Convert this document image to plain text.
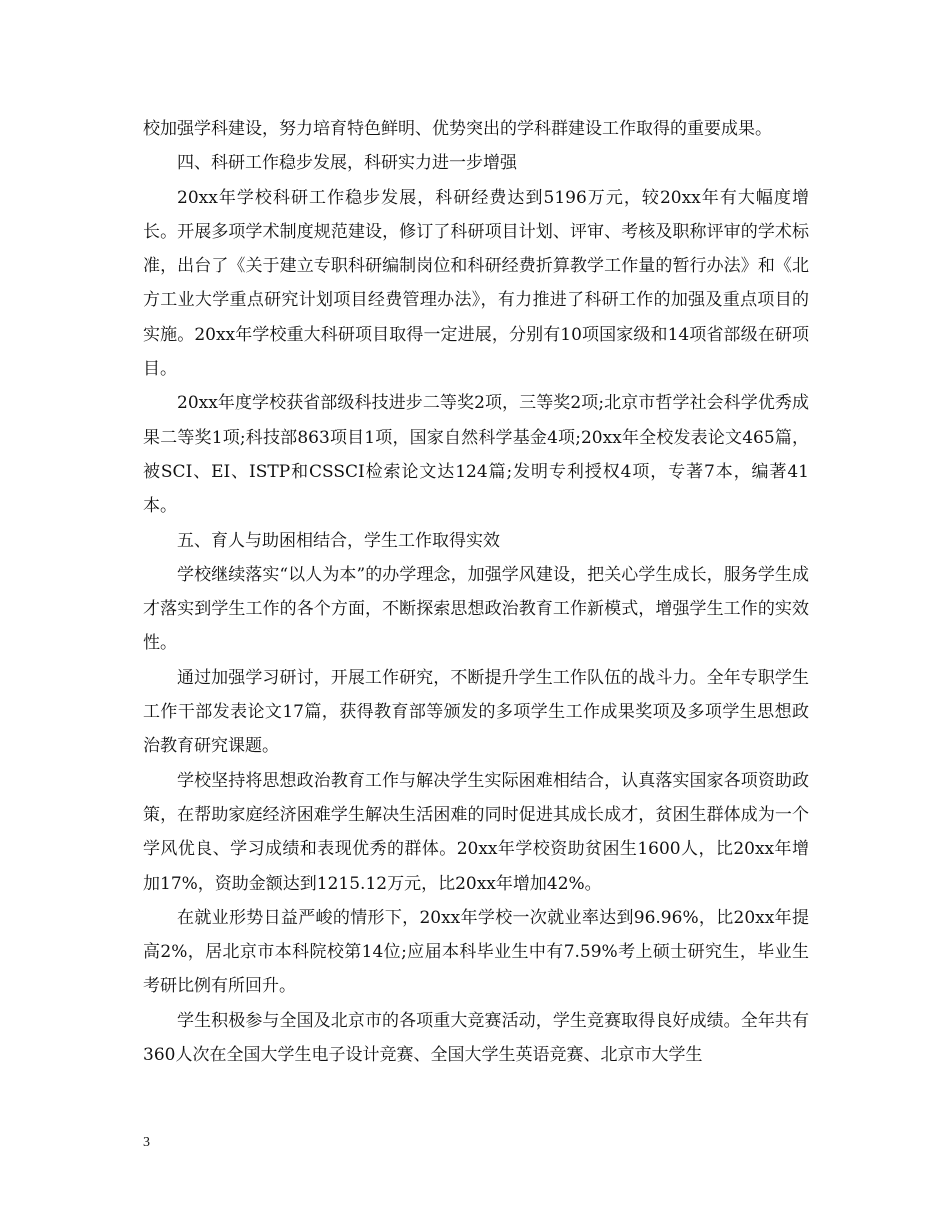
校加强学科建设，努力培育特色鲜明、优势突出的学科群建设工作取得的重要成果。

四、科研工作稳步发展，科研实力进一步增强

20xx年学校科研工作稳步发展，科研经费达到5196万元，较20xx年有大幅度增长。开展多项学术制度规范建设，修订了科研项目计划、评审、考核及职称评审的学术标准，出台了《关于建立专职科研编制岗位和科研经费折算教学工作量的暂行办法》和《北方工业大学重点研究计划项目经费管理办法》，有力推进了科研工作的加强及重点项目的实施。20xx年学校重大科研项目取得一定进展，分别有10项国家级和14项省部级在研项目。

20xx年度学校获省部级科技进步二等奖2项，三等奖2项;北京市哲学社会科学优秀成果二等奖1项;科技部863项目1项，国家自然科学基金4项;20xx年全校发表论文465篇，被SCI、EI、ISTP和CSSCI检索论文达124篇;发明专利授权4项，专著7本，编著41本。

五、育人与助困相结合，学生工作取得实效

学校继续落实“以人为本”的办学理念，加强学风建设，把关心学生成长，服务学生成才落实到学生工作的各个方面，不断探索思想政治教育工作新模式，增强学生工作的实效性。

通过加强学习研讨，开展工作研究，不断提升学生工作队伍的战斗力。全年专职学生工作干部发表论文17篇，获得教育部等颁发的多项学生工作成果奖项及多项学生思想政治教育研究课题。

学校坚持将思想政治教育工作与解决学生实际困难相结合，认真落实国家各项资助政策，在帮助家庭经济困难学生解决生活困难的同时促进其成长成才，贫困生群体成为一个学风优良、学习成绩和表现优秀的群体。20xx年学校资助贫困生1600人，比20xx年增加17%，资助金额达到1215.12万元，比20xx年增加42%。

在就业形势日益严峻的情形下，20xx年学校一次就业率达到96.96%，比20xx年提高2%，居北京市本科院校第14位;应届本科毕业生中有7.59%考上硕士研究生，毕业生考研比例有所回升。

学生积极参与全国及北京市的各项重大竞赛活动，学生竞赛取得良好成绩。全年共有360人次在全国大学生电子设计竞赛、全国大学生英语竞赛、北京市大学生

3
